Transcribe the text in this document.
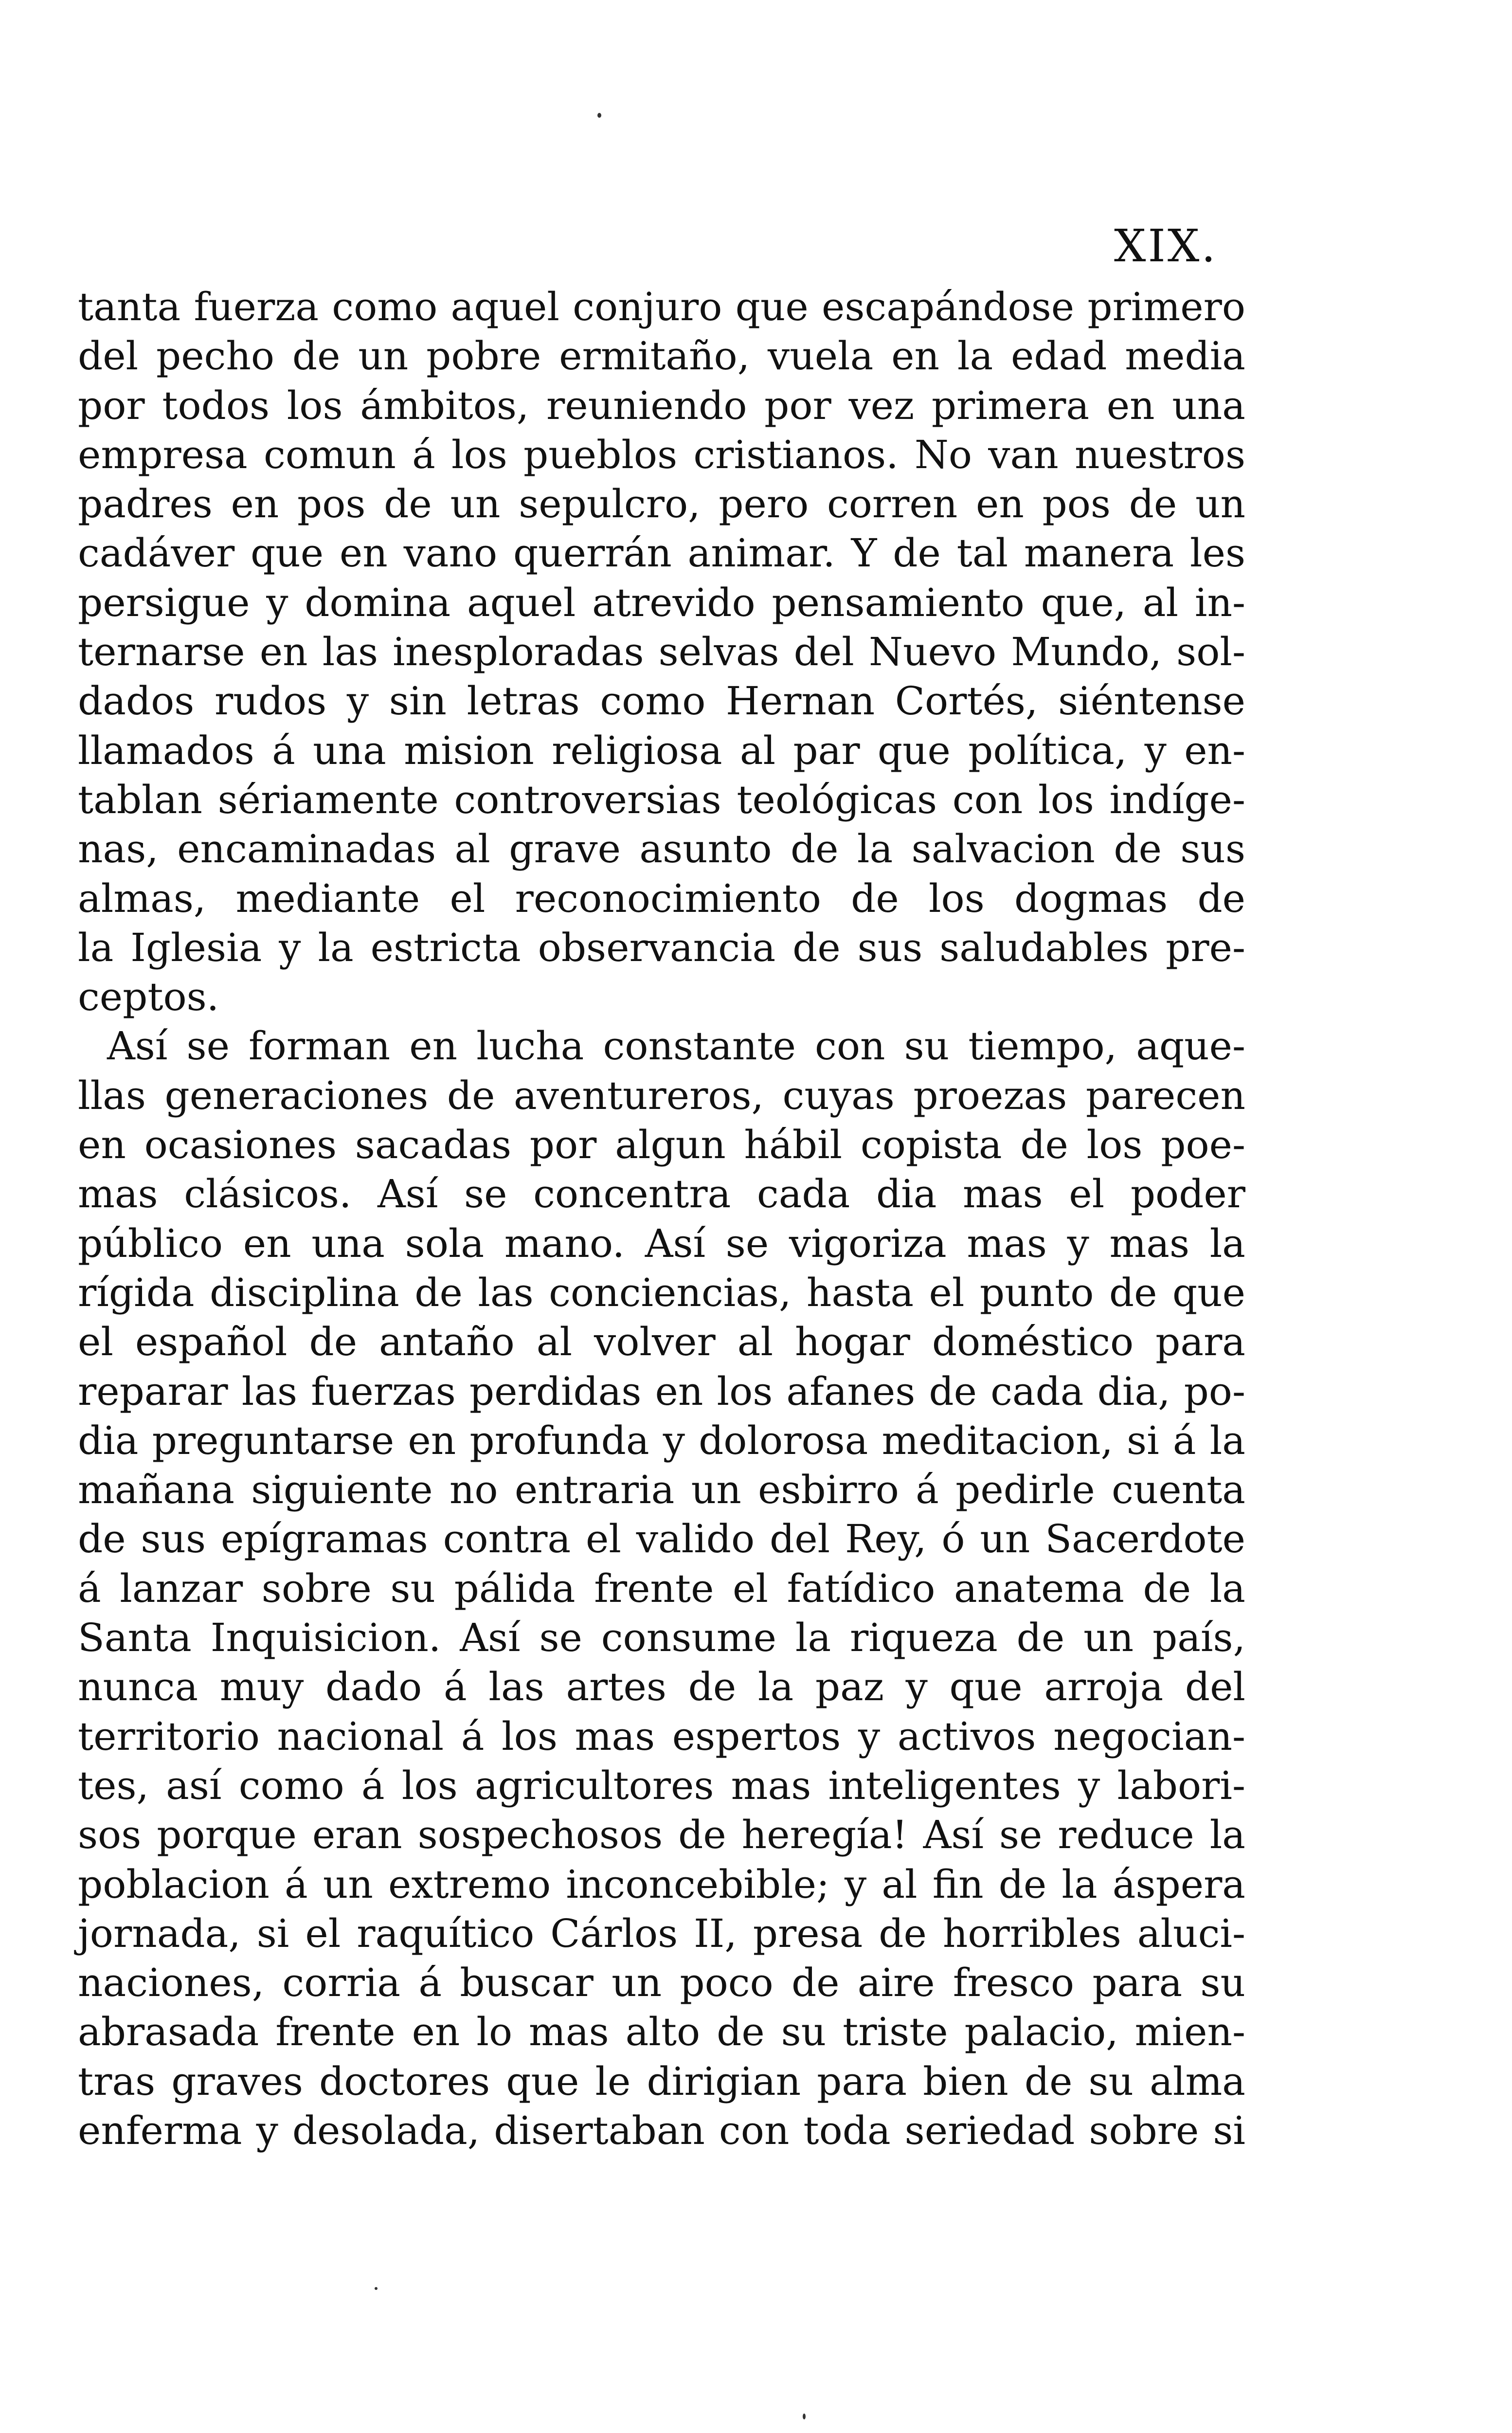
XIX.
tanta fuerza como aquel conjuro que escapándose primero
del pecho de un pobre ermitaño, vuela en la edad media
por todos los ámbitos, reuniendo por vez primera en una
empresa comun á los pueblos cristianos. No van nuestros
padres en pos de un sepulcro, pero corren en pos de un
cadáver que en vano querrán animar. Y de tal manera les
persigue y domina aquel atrevido pensamiento que, al in-
ternarse en las inesploradas selvas del Nuevo Mundo, sol-
dados rudos y sin letras como Hernan Cortés, siéntense
llamados á una mision religiosa al par que política, y en-
tablan sériamente controversias teológicas con los indíge-
nas, encaminadas al grave asunto de la salvacion de sus
almas, mediante el reconocimiento de los dogmas de
la Iglesia y la estricta observancia de sus saludables pre-
ceptos.
Así se forman en lucha constante con su tiempo, aque-
llas generaciones de aventureros, cuyas proezas parecen
en ocasiones sacadas por algun hábil copista de los poe-
mas clásicos. Así se concentra cada dia mas el poder
público en una sola mano. Así se vigoriza mas y mas la
rígida disciplina de las conciencias, hasta el punto de que
el español de antaño al volver al hogar doméstico para
reparar las fuerzas perdidas en los afanes de cada dia, po-
dia preguntarse en profunda y dolorosa meditacion, si á la
mañana siguiente no entraria un esbirro á pedirle cuenta
de sus epígramas contra el valido del Rey, ó un Sacerdote
á lanzar sobre su pálida frente el fatídico anatema de la
Santa Inquisicion. Así se consume la riqueza de un país,
nunca muy dado á las artes de la paz y que arroja del
territorio nacional á los mas espertos y activos negocian-
tes, así como á los agricultores mas inteligentes y labori-
sos porque eran sospechosos de heregía! Así se reduce la
poblacion á un extremo inconcebible; y al fin de la áspera
jornada, si el raquítico Cárlos II, presa de horribles aluci-
naciones, corria á buscar un poco de aire fresco para su
abrasada frente en lo mas alto de su triste palacio, mien-
tras graves doctores que le dirigian para bien de su alma
enferma y desolada, disertaban con toda seriedad sobre si
